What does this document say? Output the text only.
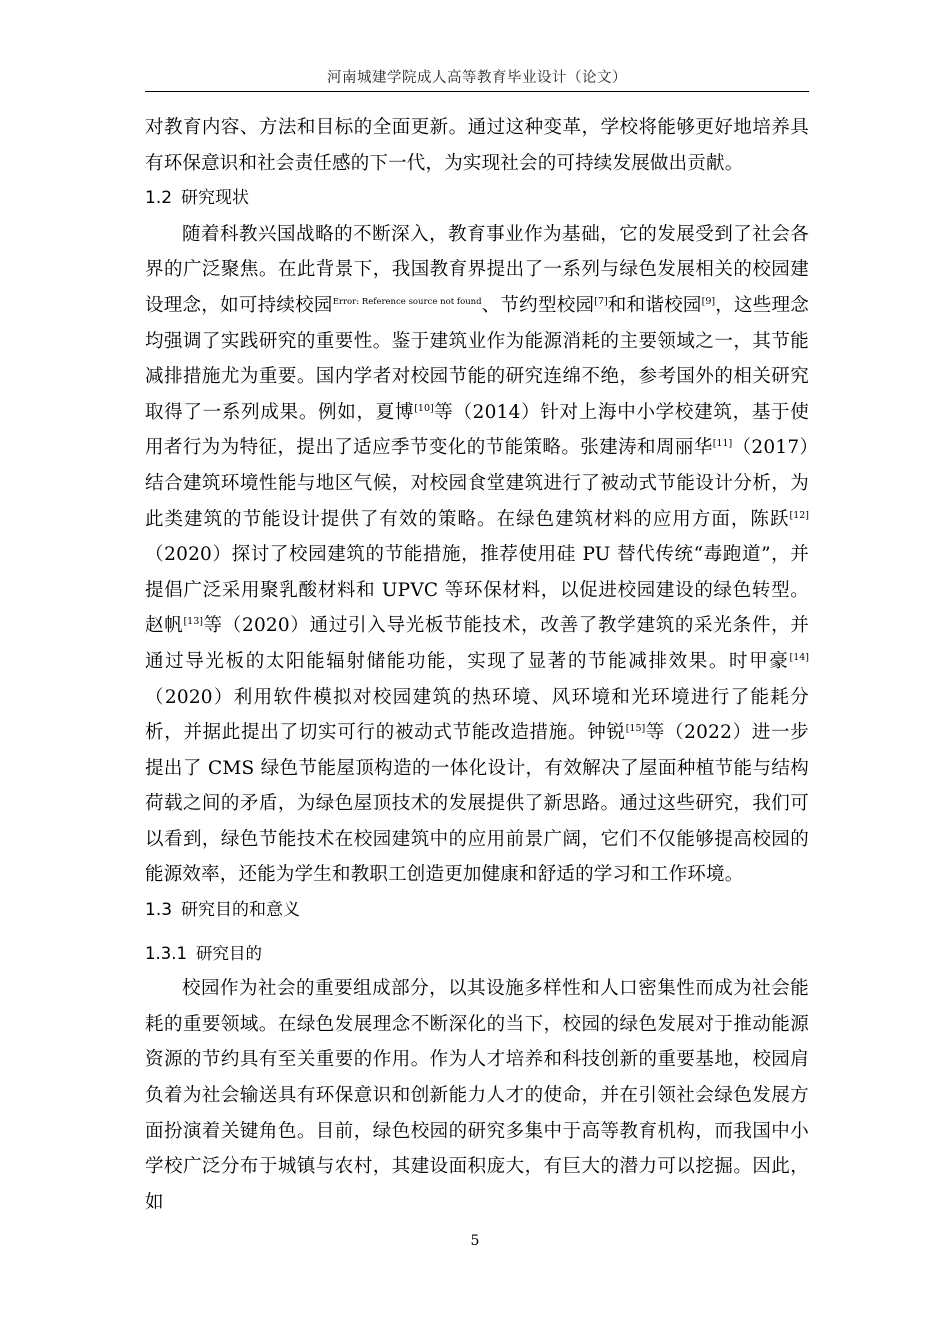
河南城建学院成人高等教育毕业设计（论文）

对教育内容、方法和目标的全面更新。通过这种变革，学校将能够更好地培养具有环保意识和社会责任感的下一代，为实现社会的可持续发展做出贡献。

1.2 研究现状

随着科教兴国战略的不断深入，教育事业作为基础，它的发展受到了社会各界的广泛聚焦。在此背景下，我国教育界提出了一系列与绿色发展相关的校园建设理念，如可持续校园$^{Error: Reference source not found}$、节约型校园[7]和和谐校园[9]，这些理念均强调了实践研究的重要性。鉴于建筑业作为能源消耗的主要领域之一，其节能减排措施尤为重要。国内学者对校园节能的研究连绵不绝，参考国外的相关研究取得了一系列成果。例如，夏博[10]等（2014）针对上海中小学校建筑，基于使用者行为为特征，提出了适应季节变化的节能策略。张建涛和周丽华[11]（2017）结合建筑环境性能与地区气候，对校园食堂建筑进行了被动式节能设计分析，为此类建筑的节能设计提供了有效的策略。在绿色建筑材料的应用方面，陈跃[12]（2020）探讨了校园建筑的节能措施，推荐使用硅 PU 替代传统“毒跑道”，并提倡广泛采用聚乳酸材料和 UPVC 等环保材料，以促进校园建设的绿色转型。赵帆[13]等（2020）通过引入导光板节能技术，改善了教学建筑的采光条件，并通过导光板的太阳能辐射储能功能，实现了显著的节能减排效果。时甲豪[14]（2020）利用软件模拟对校园建筑的热环境、风环境和光环境进行了能耗分析，并据此提出了切实可行的被动式节能改造措施。钟锐[15]等（2022）进一步提出了 CMS 绿色节能屋顶构造的一体化设计，有效解决了屋面种植节能与结构荷载之间的矛盾，为绿色屋顶技术的发展提供了新思路。通过这些研究，我们可以看到，绿色节能技术在校园建筑中的应用前景广阔，它们不仅能够提高校园的能源效率，还能为学生和教职工创造更加健康和舒适的学习和工作环境。

1.3 研究目的和意义
1.3.1 研究目的

校园作为社会的重要组成部分，以其设施多样性和人口密集性而成为社会能耗的重要领域。在绿色发展理念不断深化的当下，校园的绿色发展对于推动能源资源的节约具有至关重要的作用。作为人才培养和科技创新的重要基地，校园肩负着为社会输送具有环保意识和创新能力人才的使命，并在引领社会绿色发展方面扮演着关键角色。目前，绿色校园的研究多集中于高等教育机构，而我国中小学校广泛分布于城镇与农村，其建设面积庞大，有巨大的潜力可以挖掘。因此，如

5
